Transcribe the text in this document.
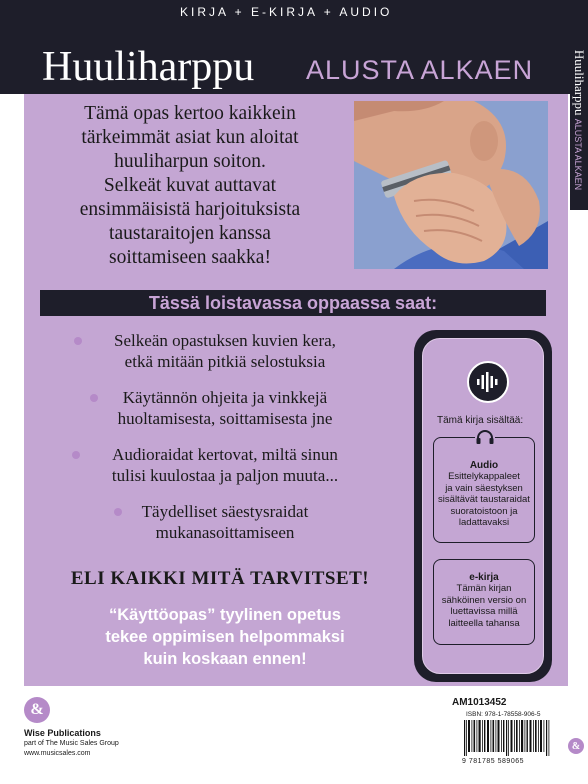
KIRJA + E-KIRJA + AUDIO
Huuliharppu ALUSTA ALKAEN	Huuliharppu ALUSTA ALKAEN
Tämä opas kertoo kaikkein
tärkeimmät asiat kun aloitat
huuliharpun soiton.
Selkeät kuvat auttavat
ensimmäisistä harjoituksista
taustaraitojen kanssa
soittamiseen saakka!
Tässä loistavassa oppaassa saat:
Selkeän opastuksen kuvien kera,
etkä mitään pitkiä selostuksia
Käytännön ohjeita ja vinkkejä
huoltamisesta, soittamisesta jne
Audioraidat kertovat, miltä sinun
tulisi kuulostaa ja paljon muuta...
Täydelliset säestysraidat
mukanasoittamiseen
Tämä kirja sisältää:
Audio
Esittelykappaleet
ja vain säestyksen
sisältävät taustaraidat
suoratoistoon ja
ladattavaksi
e-kirja
Tämän kirjan
sähköinen versio on
luettavissa millä
laitteella tahansa
ELI KAIKKI MITÄ TARVITSET!
“Käyttöopas” tyylinen opetus
tekee oppimisen helpommaksi
kuin koskaan ennen!
&
Wise Publications
part of The Music Sales Group
www.musicsales.com
AM1013452
ISBN: 978-1-78558-906-5
9 781785 589065
&
